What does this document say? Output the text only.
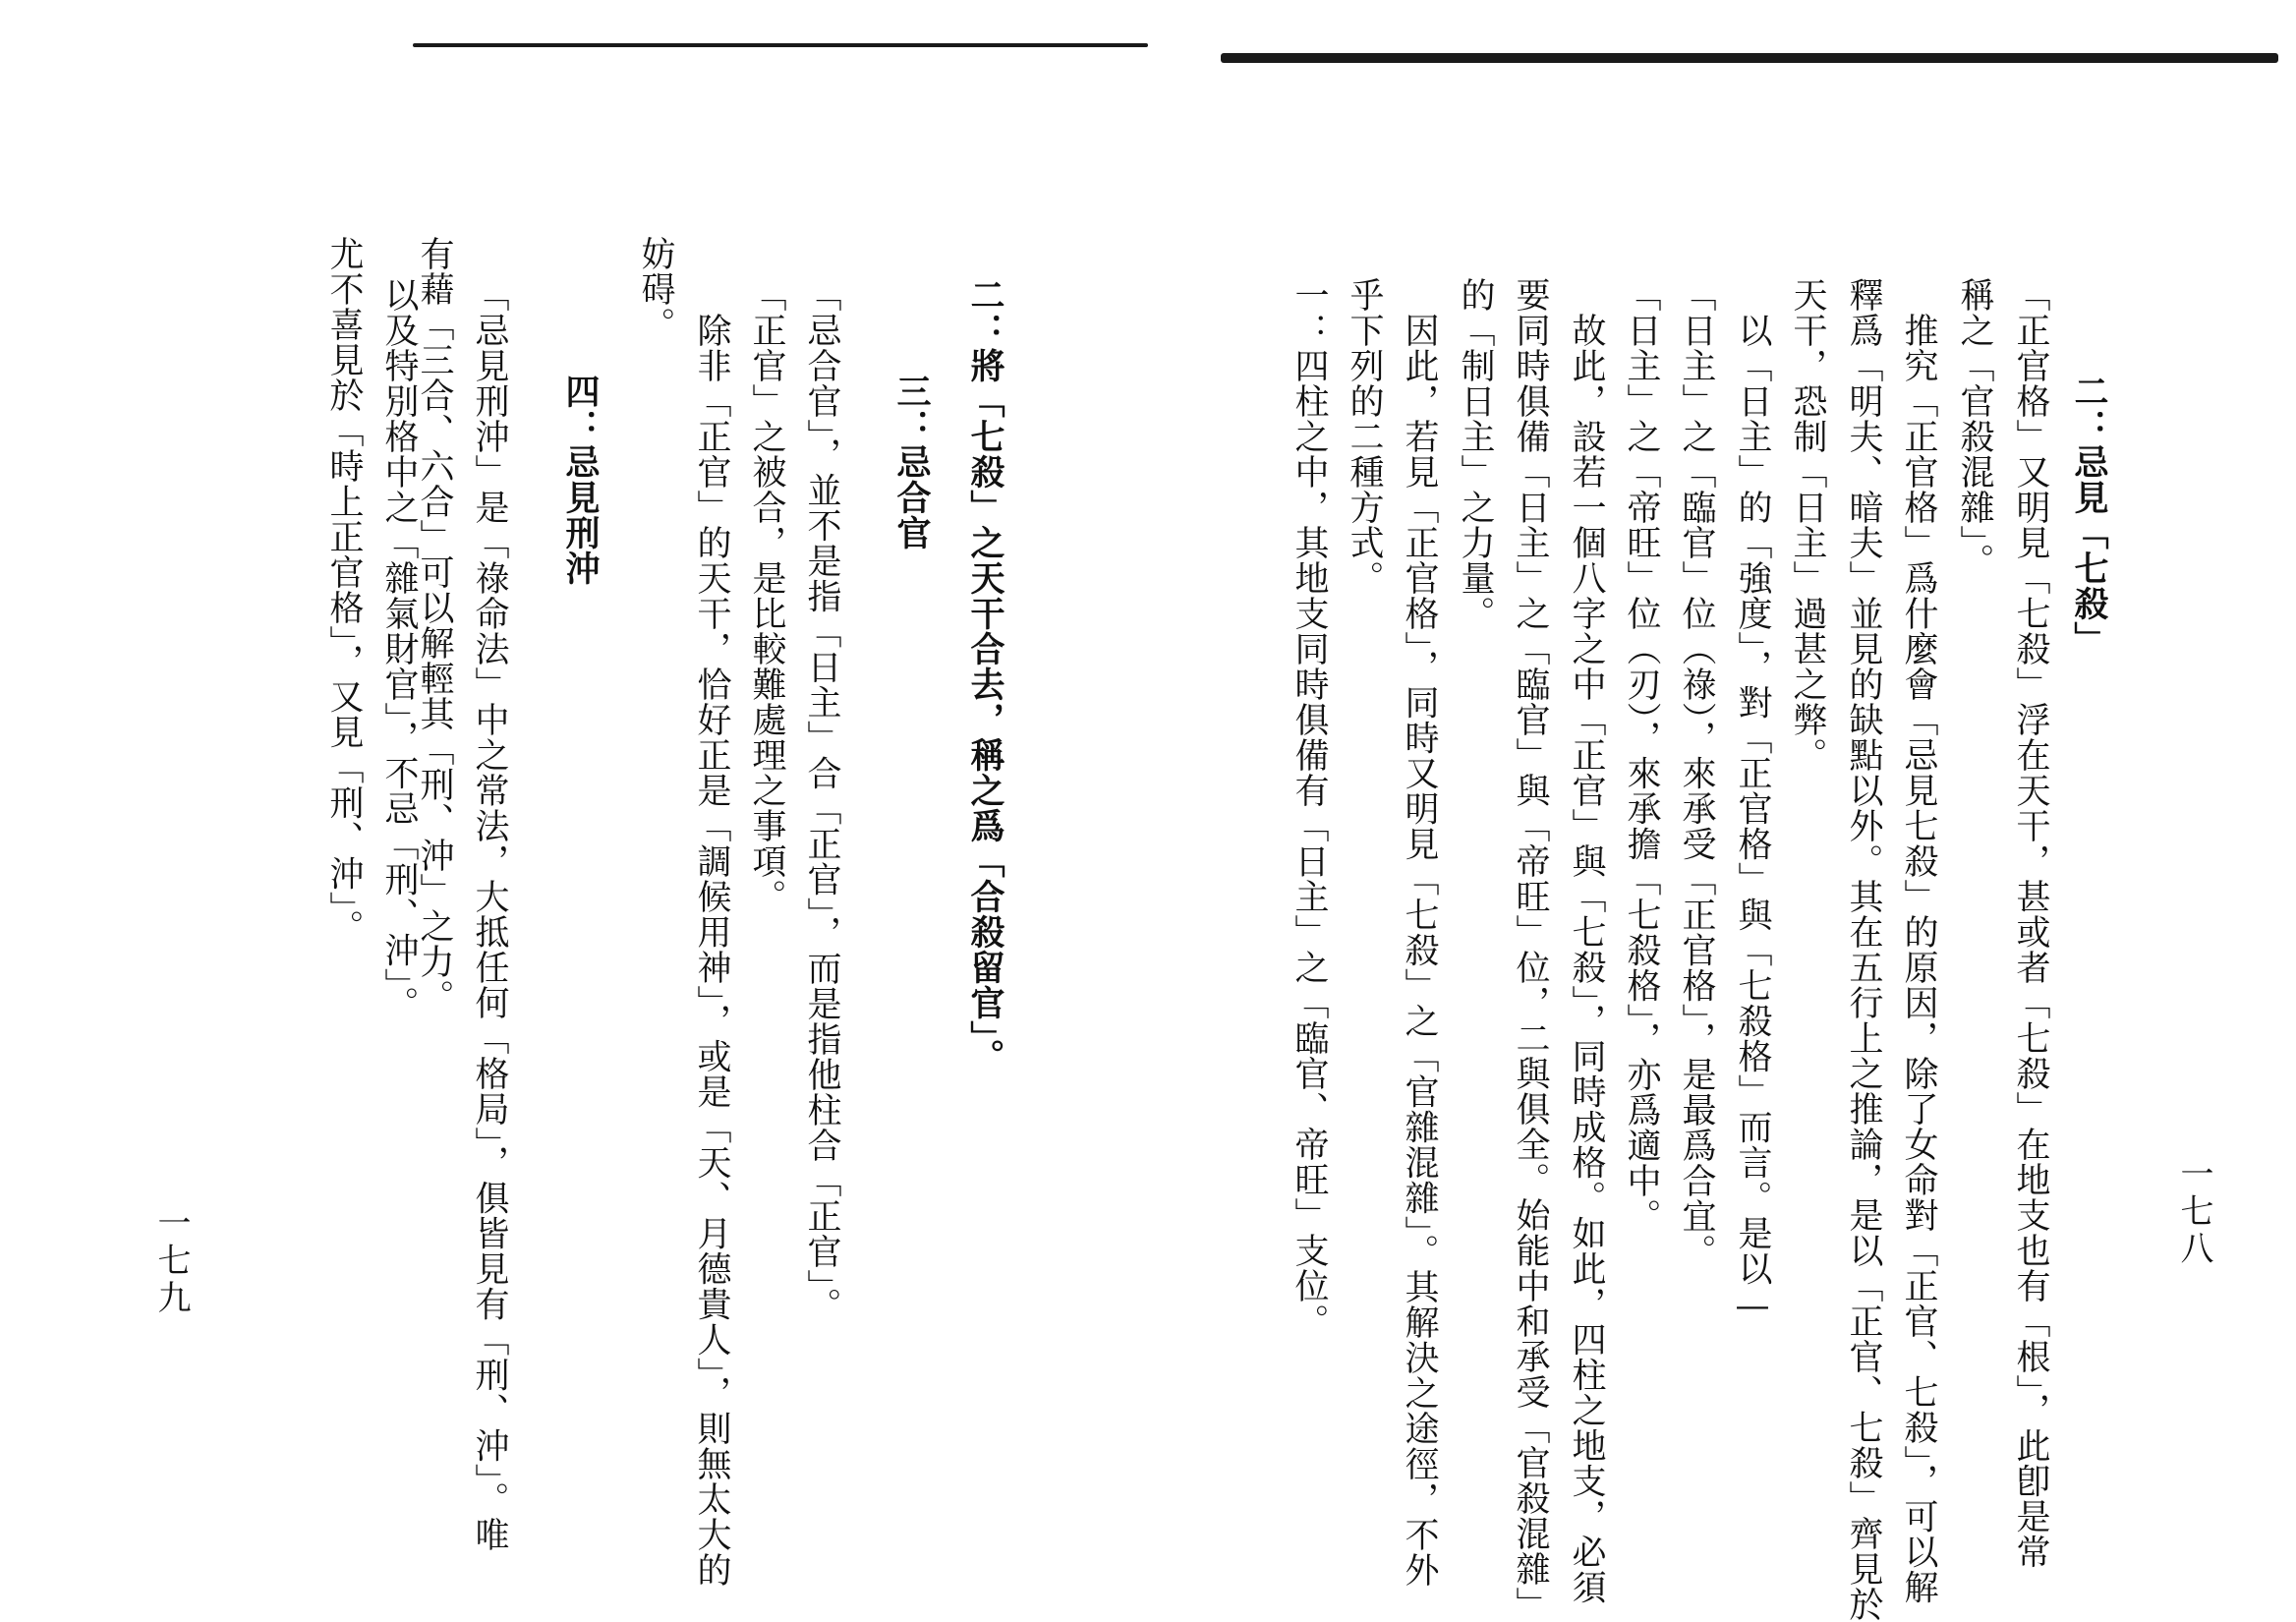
二：忌見「七殺」
「正官格」又明見「七殺」浮在天干，甚或者「七殺」在地支也有「根」，此卽是常
稱之「官殺混雜」。
推究「正官格」爲什麼會「忌見七殺」的原因，除了女命對「正官、七殺」，可以解
釋爲「明夫、暗夫」並見的缺點以外。其在五行上之推論，是以「正官、七殺」齊見於
天干，恐制「日主」過甚之弊。
以「日主」的「強度」，對「正官格」與「七殺格」而言。是以—
「日主」之「臨官」位（祿），來承受「正官格」，是最爲合宜。
「日主」之「帝旺」位（刃），來承擔「七殺格」，亦爲適中。
故此，設若一個八字之中「正官」與「七殺」，同時成格。如此，四柱之地支，必須
要同時俱備「日主」之「臨官」與「帝旺」位，二與俱全。始能中和承受「官殺混雜」
的「制日主」之力量。
因此，若見「正官格」，同時又明見「七殺」之「官雜混雜」。其解決之途徑，不外
乎下列的二種方式。
一：四柱之中，其地支同時俱備有「日主」之「臨官、帝旺」支位。	一七八
二：將「七殺」之天干合去，稱之爲「合殺留官」。
三：忌合官
「忌合官」，並不是指「日主」合「正官」，而是指他柱合「正官」。
「正官」之被合，是比較難處理之事項。
除非「正官」的天干，恰好正是「調候用神」，或是「天、月德貴人」，則無太大的
妨碍。
四：忌見刑沖
「忌見刑沖」是「祿命法」中之常法，大抵任何「格局」，俱皆見有「刑、沖」。唯
有藉「三合、六合」可以解輕其「刑、沖」之力。
以及特別格中之「雜氣財官」，不忌「刑、沖」。
尤不喜見於「時上正官格」，又見「刑、沖」。
一七九
